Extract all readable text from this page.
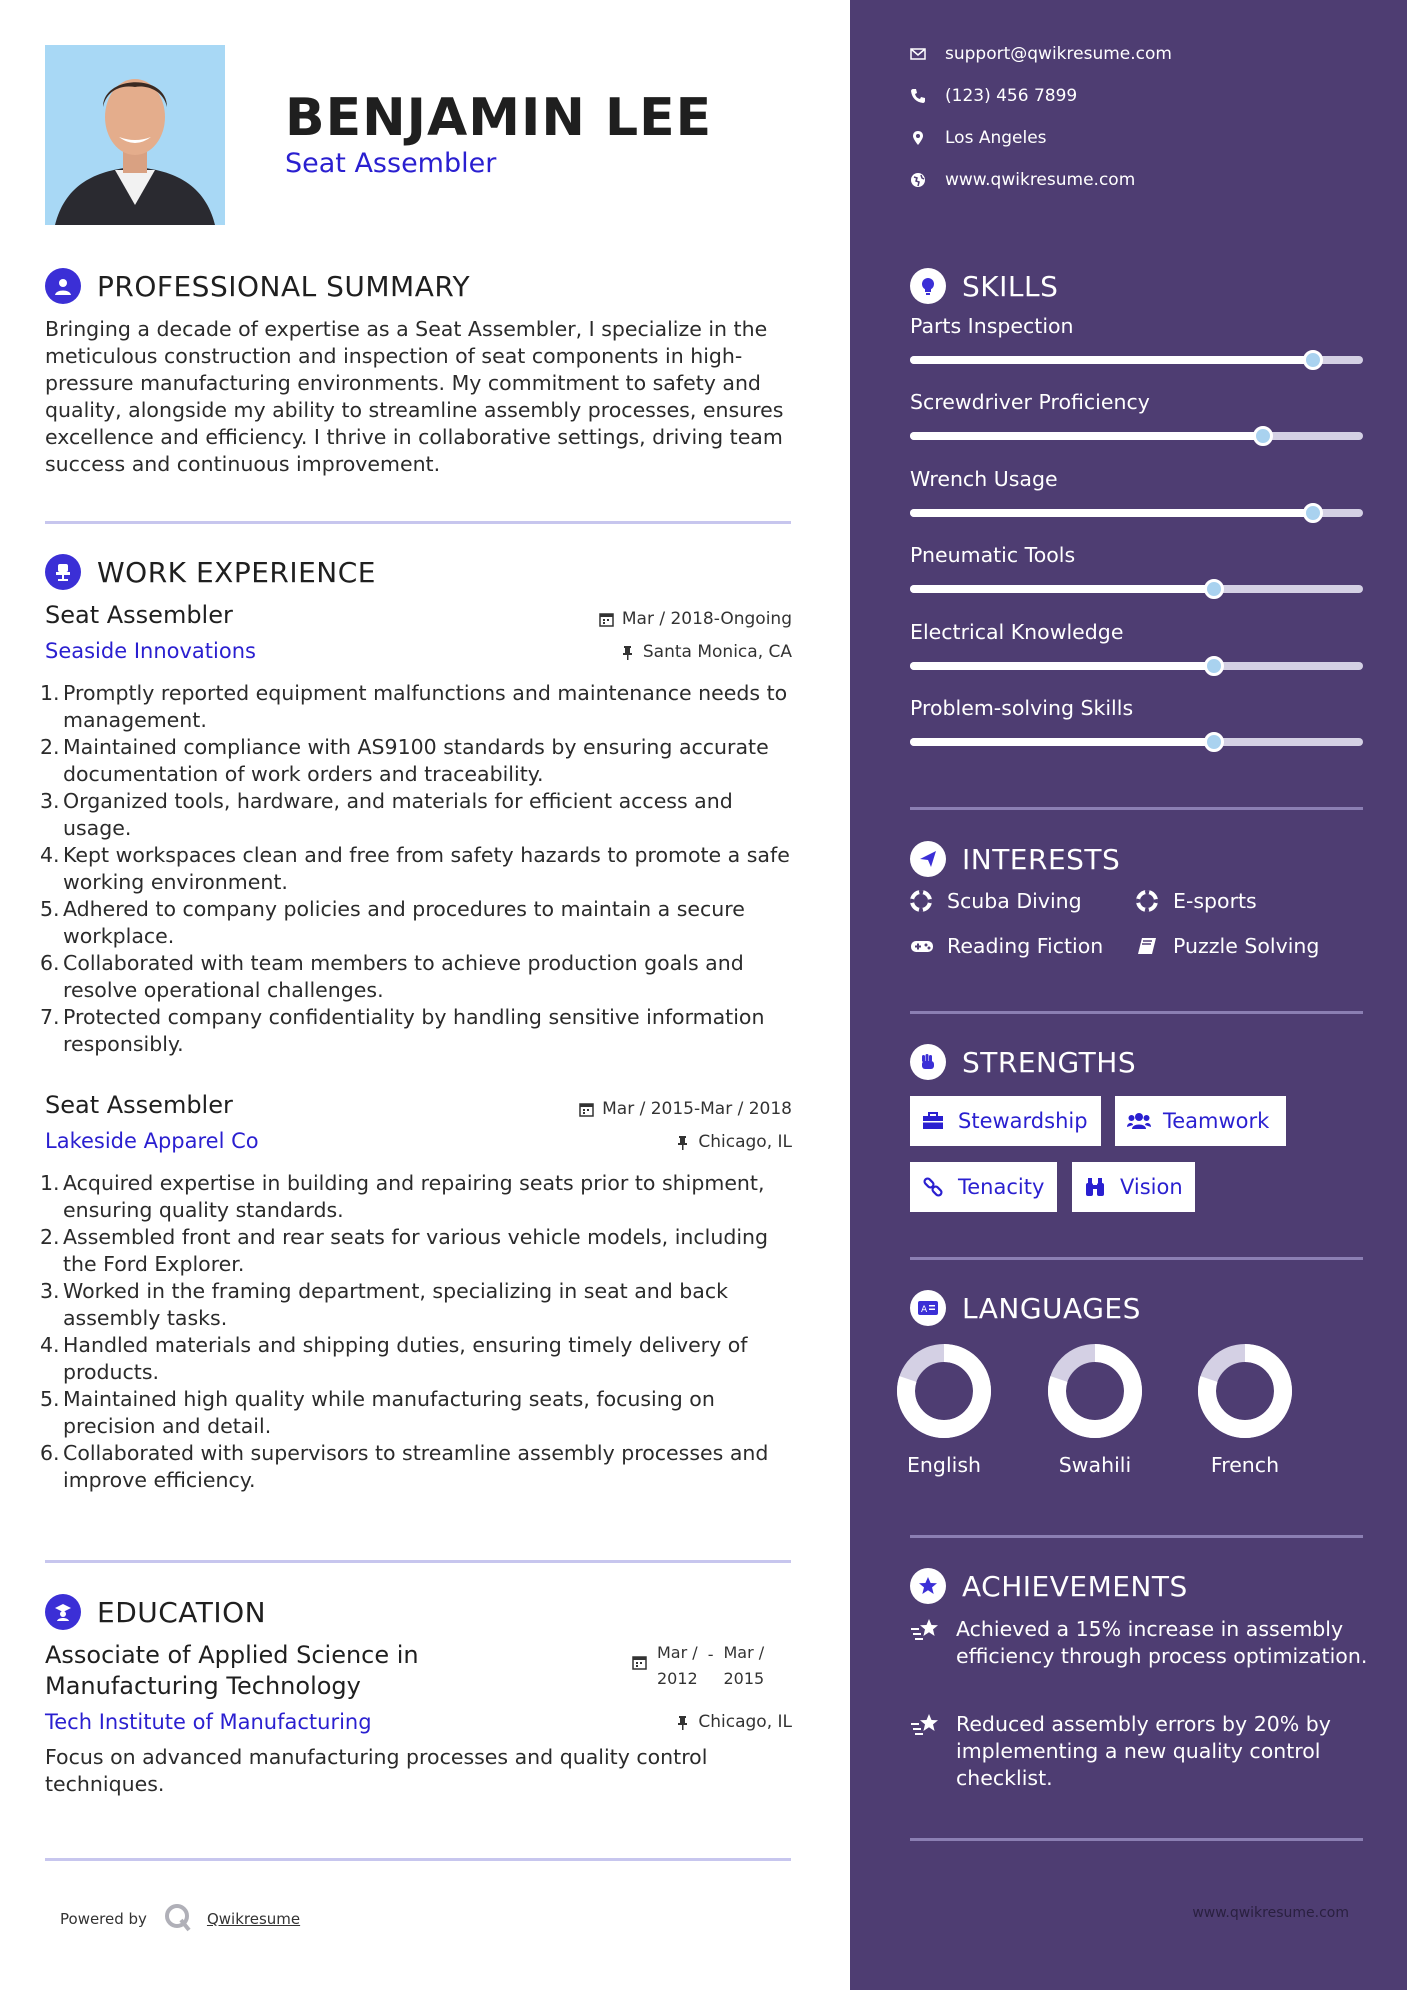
BENJAMIN LEE
Seat Assembler
PROFESSIONAL SUMMARY
Bringing a decade of expertise as a Seat Assembler, I specialize in the meticulous construction and inspection of seat components in high-pressure manufacturing environments. My commitment to safety and quality, alongside my ability to streamline assembly processes, ensures excellence and efficiency. I thrive in collaborative settings, driving team success and continuous improvement.
WORK EXPERIENCE
Seat Assembler	Mar / 2018-Ongoing
Seaside Innovations	Santa Monica, CA
1. Promptly reported equipment malfunctions and maintenance needs to management.
2. Maintained compliance with AS9100 standards by ensuring accurate documentation of work orders and traceability.
3. Organized tools, hardware, and materials for efficient access and usage.
4. Kept workspaces clean and free from safety hazards to promote a safe working environment.
5. Adhered to company policies and procedures to maintain a secure workplace.
6. Collaborated with team members to achieve production goals and resolve operational challenges.
7. Protected company confidentiality by handling sensitive information responsibly.
Seat Assembler	Mar / 2015-Mar / 2018
Lakeside Apparel Co	Chicago, IL
1. Acquired expertise in building and repairing seats prior to shipment, ensuring quality standards.
2. Assembled front and rear seats for various vehicle models, including the Ford Explorer.
3. Worked in the framing department, specializing in seat and back assembly tasks.
4. Handled materials and shipping duties, ensuring timely delivery of products.
5. Maintained high quality while manufacturing seats, focusing on precision and detail.
6. Collaborated with supervisors to streamline assembly processes and improve efficiency.
EDUCATION
Associate of Applied Science in Manufacturing Technology
Mar /
2012
- Mar /
2015
Tech Institute of Manufacturing	Chicago, IL
Focus on advanced manufacturing processes and quality control techniques.
Powered by	Qwikresume
support@qwikresume.com
(123) 456 7899
Los Angeles
www.qwikresume.com
SKILLS
Parts Inspection
Screwdriver Proficiency
Wrench Usage
Pneumatic Tools
Electrical Knowledge
Problem-solving Skills
INTERESTS
Scuba Diving	E-sports
Reading Fiction	Puzzle Solving
STRENGTHS
Stewardship	Teamwork
Tenacity	Vision
A LANGUAGES
English	Swahili	French
ACHIEVEMENTS
Achieved a 15% increase in assembly efficiency through process optimization.
Reduced assembly errors by 20% by implementing a new quality control checklist.
www.qwikresume.com
